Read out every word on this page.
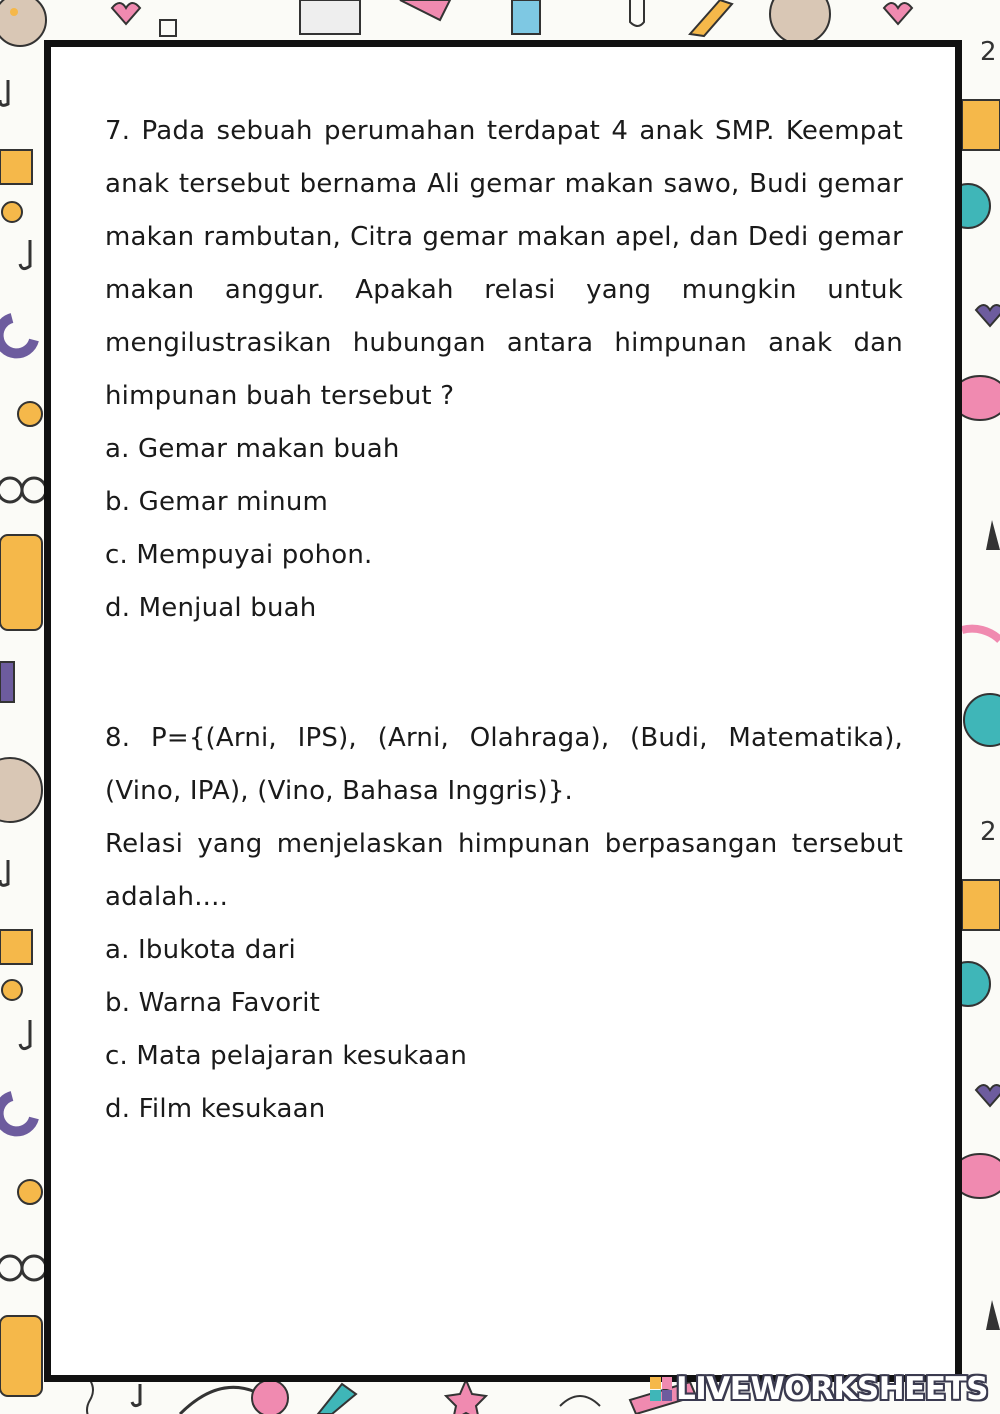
2
2

7. Pada sebuah perumahan terdapat 4 anak SMP. Keempat anak tersebut bernama Ali gemar makan sawo, Budi gemar makan rambutan, Citra gemar makan apel, dan Dedi gemar makan anggur. Apakah relasi yang mungkin untuk mengilustrasikan hubungan antara himpunan anak dan himpunan buah tersebut ?

a. Gemar makan buah

b. Gemar minum

c. Mempuyai pohon.

d. Menjual buah

8. P={(Arni, IPS), (Arni, Olahraga), (Budi, Matematika), (Vino, IPA), (Vino, Bahasa Inggris)}.

Relasi yang menjelaskan himpunan berpasangan tersebut adalah....

a. Ibukota dari

b. Warna Favorit

c. Mata pelajaran kesukaan

d. Film kesukaan

LIVEWORKSHEETS
